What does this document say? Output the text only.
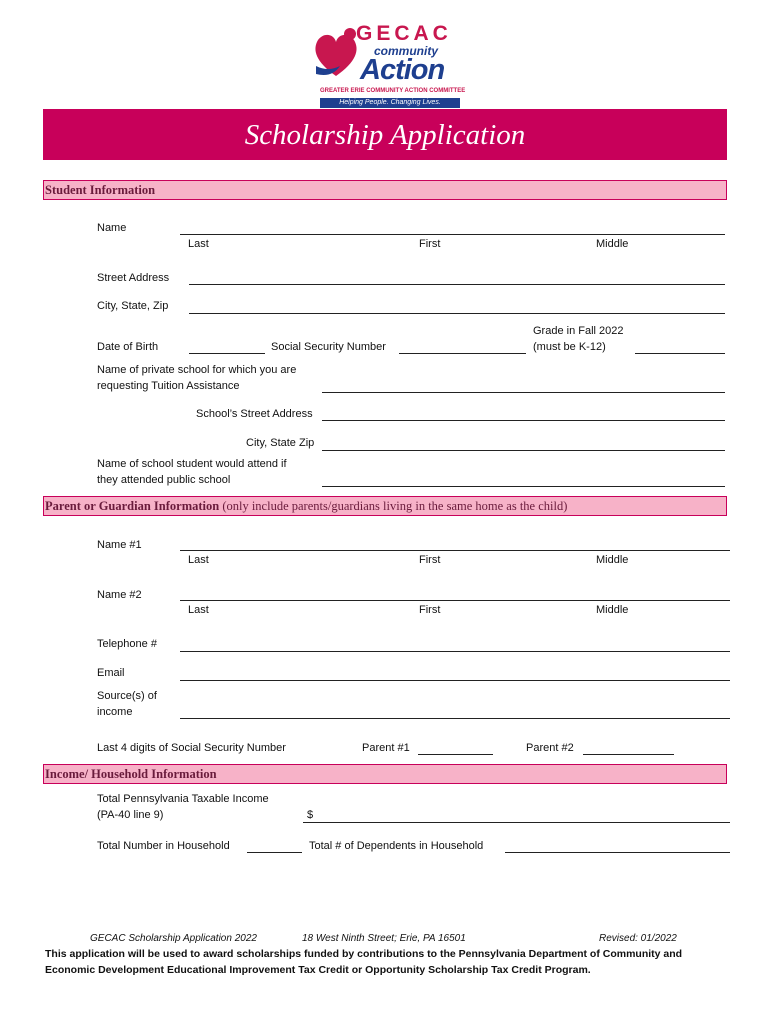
GECAC
community
Action
GREATER ERIE COMMUNITY ACTION COMMITTEE
Helping People. Changing Lives.
Scholarship Application
Student Information
Name
Last	First	Middle
Street Address
City, State, Zip
Grade in Fall 2022
(must be K-12)
Date of Birth	Social Security Number
Name of private school for which you are
requesting Tuition Assistance
School’s Street Address
City, State Zip
Name of school student would attend if
they attended public school
Parent or Guardian Information (only include parents/guardians living in the same home as the child)
Name #1
Last	First	Middle
Name #2
Last	First	Middle
Telephone #
Email
Source(s) of
income
Last 4 digits of Social Security Number	Parent #1	Parent #2
Income/ Household Information
Total Pennsylvania Taxable Income
(PA-40 line 9)	$
Total Number in Household	Total # of Dependents in Household
GECAC Scholarship Application 2022	18 West Ninth Street; Erie, PA 16501	Revised: 01/2022
This application will be used to award scholarships funded by contributions to the Pennsylvania Department of Community and Economic Development Educational Improvement Tax Credit or Opportunity Scholarship Tax Credit Program.
